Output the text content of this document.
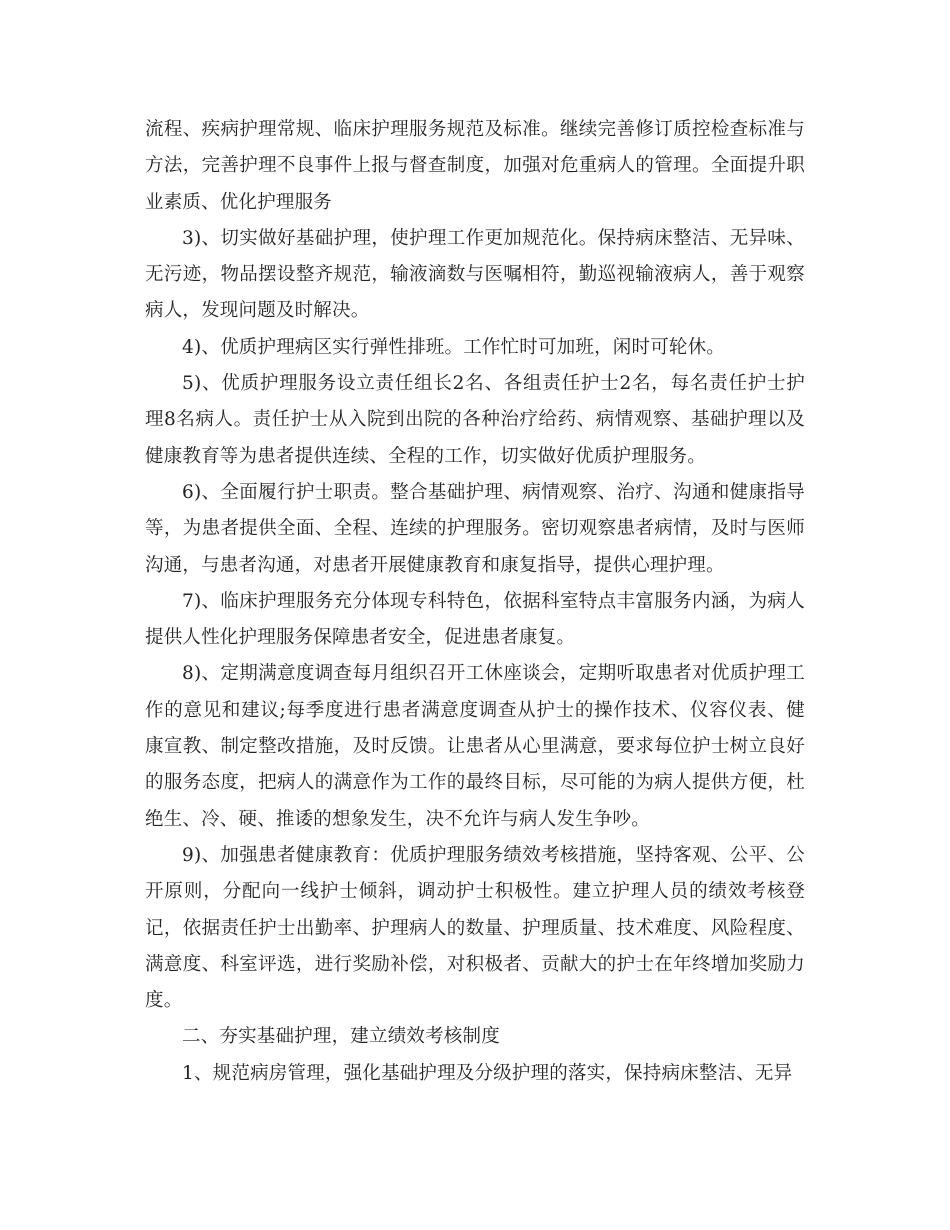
流程、疾病护理常规、临床护理服务规范及标准。继续完善修订质控检查标准与方法，完善护理不良事件上报与督查制度，加强对危重病人的管理。全面提升职业素质、优化护理服务

3)、切实做好基础护理，使护理工作更加规范化。保持病床整洁、无异味、无污迹，物品摆设整齐规范，输液滴数与医嘱相符，勤巡视输液病人，善于观察病人，发现问题及时解决。

4)、优质护理病区实行弹性排班。工作忙时可加班，闲时可轮休。

5)、优质护理服务设立责任组长2名、各组责任护士2名，每名责任护士护理8名病人。责任护士从入院到出院的各种治疗给药、病情观察、基础护理以及健康教育等为患者提供连续、全程的工作，切实做好优质护理服务。

6)、全面履行护士职责。整合基础护理、病情观察、治疗、沟通和健康指导等，为患者提供全面、全程、连续的护理服务。密切观察患者病情，及时与医师沟通，与患者沟通，对患者开展健康教育和康复指导，提供心理护理。

7)、临床护理服务充分体现专科特色，依据科室特点丰富服务内涵，为病人提供人性化护理服务保障患者安全，促进患者康复。

8)、定期满意度调查每月组织召开工休座谈会，定期听取患者对优质护理工作的意见和建议;每季度进行患者满意度调查从护士的操作技术、仪容仪表、健康宣教、制定整改措施，及时反馈。让患者从心里满意，要求每位护士树立良好的服务态度，把病人的满意作为工作的最终目标，尽可能的为病人提供方便，杜绝生、冷、硬、推诿的想象发生，决不允许与病人发生争吵。

9)、加强患者健康教育：优质护理服务绩效考核措施，坚持客观、公平、公开原则，分配向一线护士倾斜，调动护士积极性。建立护理人员的绩效考核登记，依据责任护士出勤率、护理病人的数量、护理质量、技术难度、风险程度、满意度、科室评选，进行奖励补偿，对积极者、贡献大的护士在年终增加奖励力度。

二、夯实基础护理，建立绩效考核制度

1、规范病房管理，强化基础护理及分级护理的落实，保持病床整洁、无异
